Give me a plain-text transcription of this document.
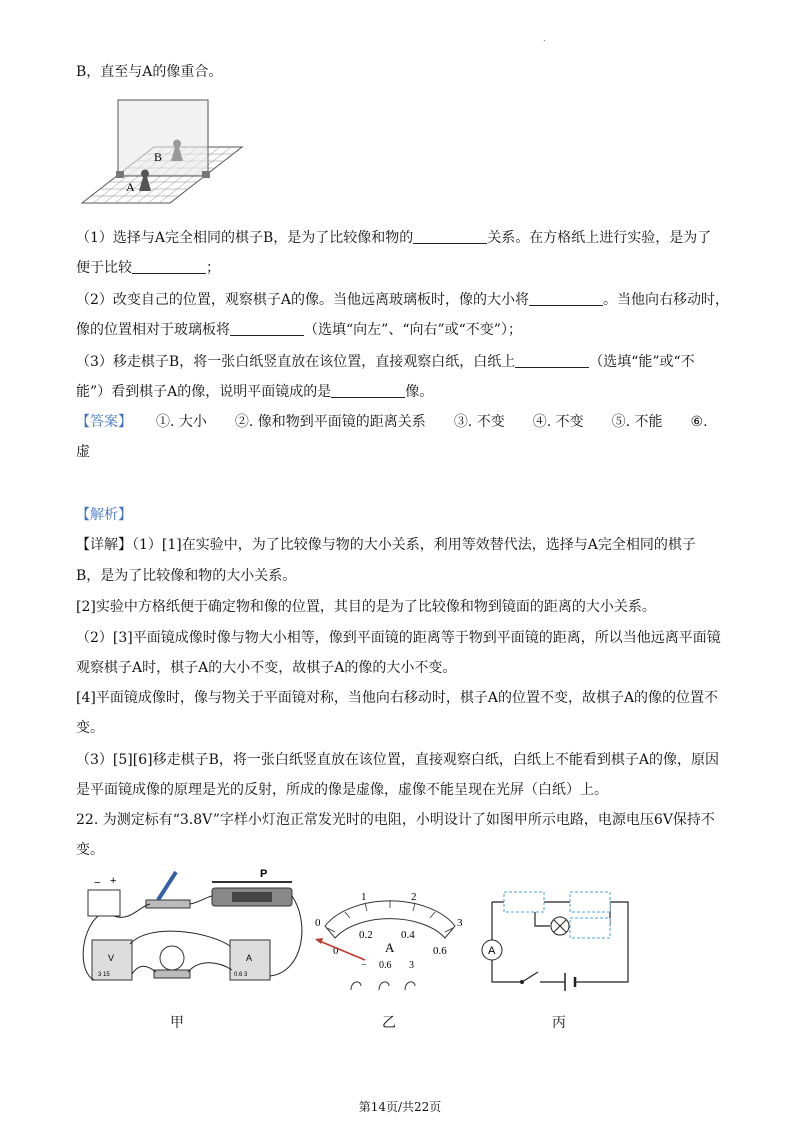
.
B，直至与A的像重合。
B
A
（1）选择与A完全相同的棋子B，是为了比较像和物的	关系。在方格纸上进行实验，是为了
便于比较	；
（2）改变自己的位置，观察棋子A的像。当他远离玻璃板时，像的大小将	。当他向右移动时，
像的位置相对于玻璃板将	（选填“向左”、“向右”或“不变”）；
（3）移走棋子B，将一张白纸竖直放在该位置，直接观察白纸，白纸上	（选填“能”或“不
能”）看到棋子A的像，说明平面镜成的是	像。
【答案】 ①. 大小 ②. 像和物到平面镜的距离关系 ③. 不变 ④. 不变 ⑤. 不能 ⑥.
虚
【解析】
【详解】（1）[1]在实验中，为了比较像与物的大小关系，利用等效替代法，选择与A完全相同的棋子
B，是为了比较像和物的大小关系。
[2]实验中方格纸便于确定物和像的位置，其目的是为了比较像和物到镜面的距离的大小关系。
（2）[3]平面镜成像时像与物大小相等，像到平面镜的距离等于物到平面镜的距离，所以当他远离平面镜
观察棋子A时，棋子A的大小不变，故棋子A的像的大小不变。
[4]平面镜成像时，像与物关于平面镜对称，当他向右移动时，棋子A的位置不变，故棋子A的像的位置不
变。
（3）[5][6]移走棋子B，将一张白纸竖直放在该位置，直接观察白纸，白纸上不能看到棋子A的像，原因
是平面镜成像的原理是光的反射，所成的像是虚像，虚像不能呈现在光屏（白纸）上。
22. 为测定标有“3.8V”字样小灯泡正常发光时的电阻，小明设计了如图甲所示电路，电源电压6V保持不
变。
− +
P
V
3 15
A
0.6 3
0
1	2
3
0
0.2	0.4
0.6
A
− 0.6 3
A
甲	乙	丙
第14页/共22页
